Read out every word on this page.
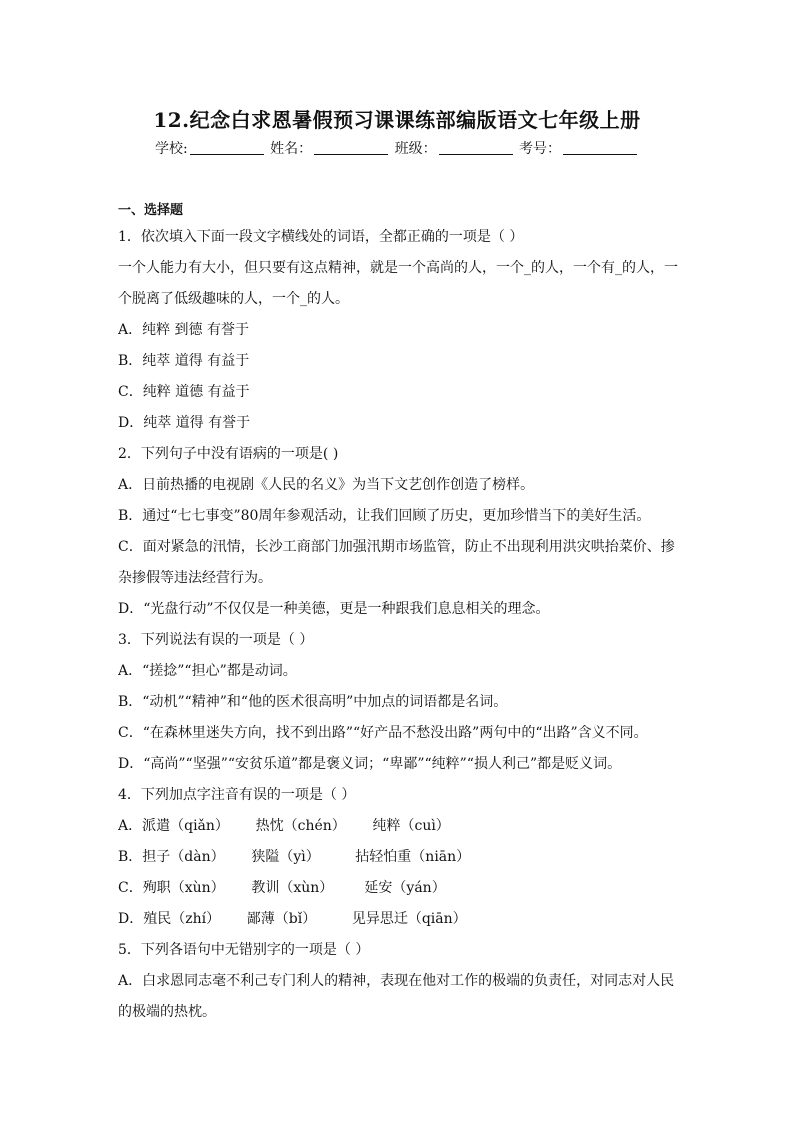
12.纪念白求恩暑假预习课课练部编版语文七年级上册
学校:	姓名：	班级：	考号：
一、选择题
1．依次填入下面一段文字横线处的词语，全都正确的一项是（ ）
一个人能力有大小，但只要有这点精神，就是一个高尚的人，一个_的人，一个有_的人，一
个脱离了低级趣味的人，一个_的人。
A．纯粹 到德 有誉于
B．纯萃 道得 有益于
C．纯粹 道德 有益于
D．纯萃 道得 有誉于
2．下列句子中没有语病的一项是( )
A．日前热播的电视剧《人民的名义》为当下文艺创作创造了榜样。
B．通过“七七事变”80周年参观活动，让我们回顾了历史，更加珍惜当下的美好生活。
C．面对紧急的汛情，长沙工商部门加强汛期市场监管，防止不出现利用洪灾哄抬菜价、掺
杂掺假等违法经营行为。
D．“光盘行动”不仅仅是一种美德，更是一种跟我们息息相关的理念。
3．下列说法有误的一项是（ ）
A．“搓捻”“担心”都是动词。
B．“动机”“精神”和“他的医术很高明”中加点的词语都是名词。
C．“在森林里迷失方向，找不到出路”“好产品不愁没出路”两句中的“出路”含义不同。
D．“高尚”“坚强”“安贫乐道”都是褒义词；“卑鄙”“纯粹”“损人利己”都是贬义词。
4．下列加点字注音有误的一项是（ ）
A．派遣（qiǎn）      热忱（chén）      纯粹（cuì）
B．担子（dàn）      狭隘（yì）        拈轻怕重（niān）
C．殉职（xùn）      教训（xùn）       延安（yán）
D．殖民（zhí）      鄙薄（bǐ）        见异思迁（qiān）
5．下列各语句中无错别字的一项是（ ）
A．白求恩同志毫不利己专门利人的精神，表现在他对工作的极端的负责任，对同志对人民
的极端的热枕。
